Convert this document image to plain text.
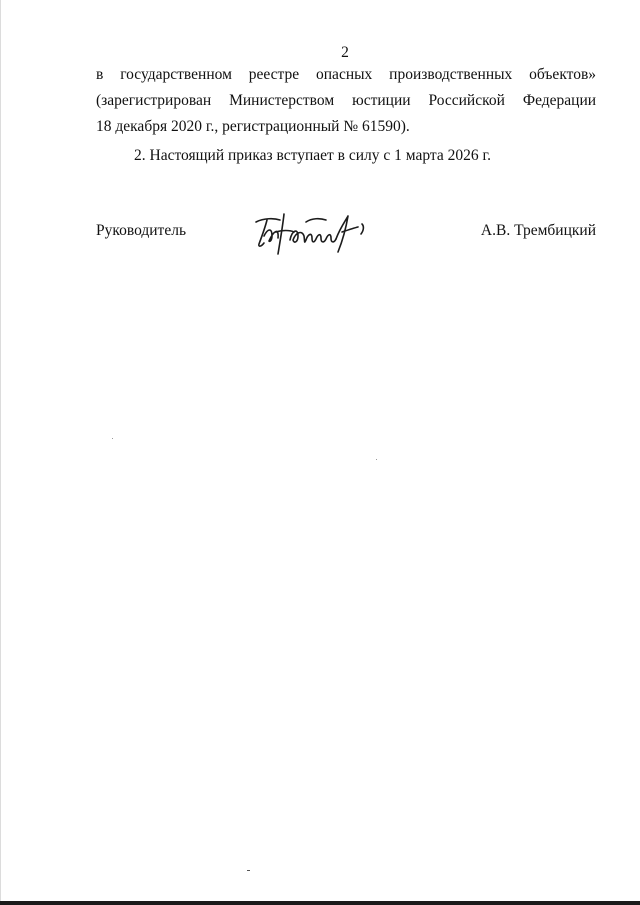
2
в государственном реестре опасных производственных объектов»
(зарегистрирован Министерством юстиции Российской Федерации
18 декабря 2020 г., регистрационный № 61590).
2. Настоящий приказ вступает в силу с 1 марта 2026 г.
Руководитель	А.В. Трембицкий
